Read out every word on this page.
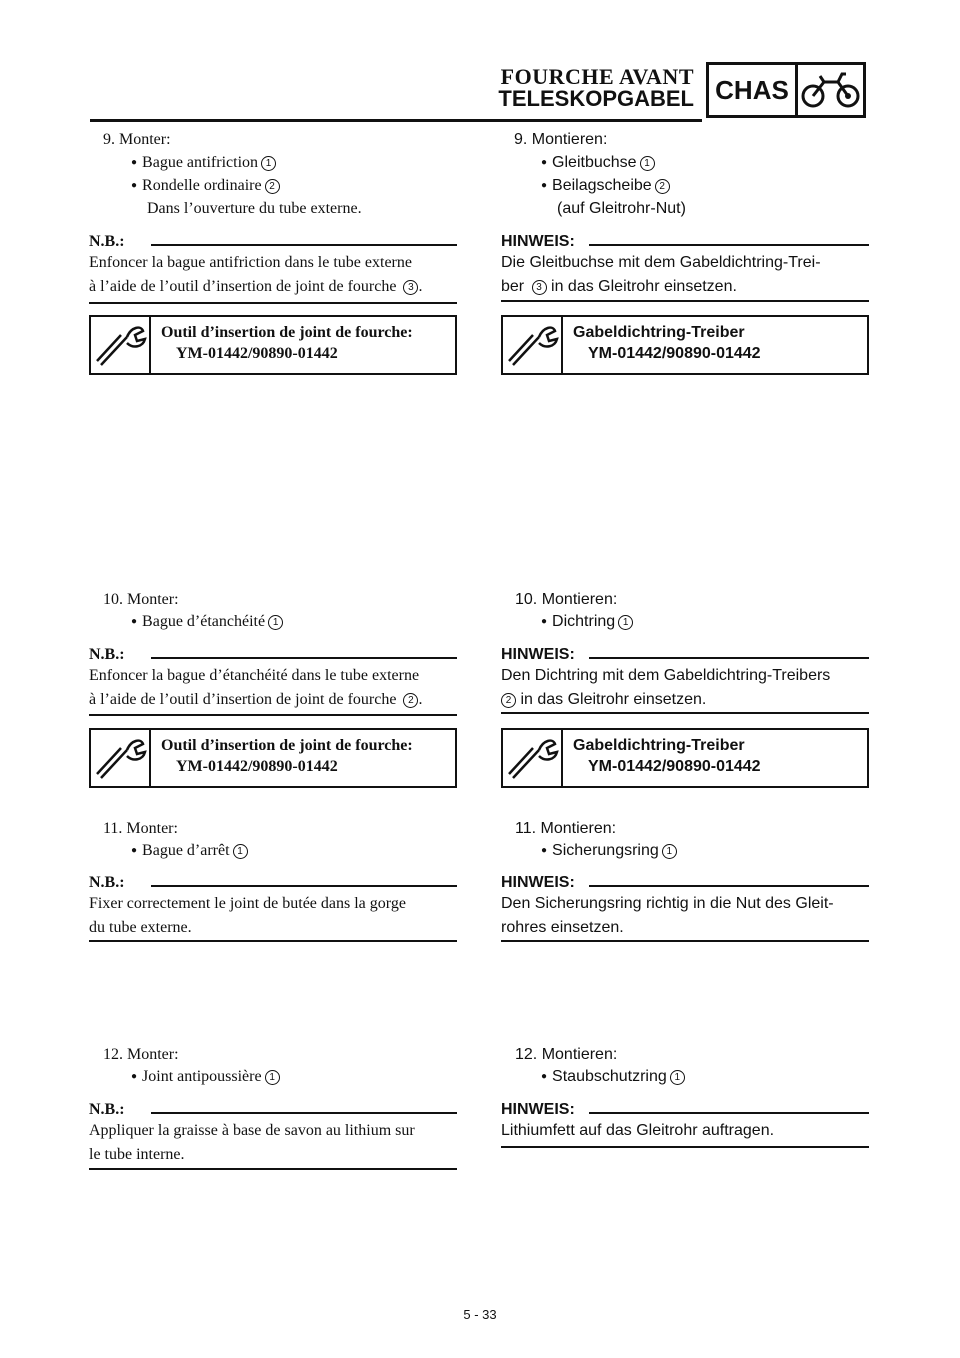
FOURCHE AVANT
TELESKOPGABEL CHAS
9. Monter:
● Bague antifriction 1
● Rondelle ordinaire 2
Dans l’ouverture du tube externe.
N.B.:
Enfoncer la bague antifriction dans le tube externe
à l’aide de l’outil d’insertion de joint de fourche 3 .
Outil d’insertion de joint de fourche:
YM-01442/90890-01442
10. Monter:
● Bague d’étanchéité 1
N.B.:
Enfoncer la bague d’étanchéité dans le tube externe
à l’aide de l’outil d’insertion de joint de fourche 2 .
Outil d’insertion de joint de fourche:
YM-01442/90890-01442
11. Monter:
● Bague d’arrêt 1
N.B.:
Fixer correctement le joint de butée dans la gorge
du tube externe.
12. Monter:
● Joint antipoussière 1
N.B.:
Appliquer la graisse à base de savon au lithium sur
le tube interne.
9. Montieren:
● Gleitbuchse 1
● Beilagscheibe 2
(auf Gleitrohr-Nut)
HINWEIS:
Die Gleitbuchse mit dem Gabeldichtring-Trei-
ber 3 in das Gleitrohr einsetzen.
Gabeldichtring-Treiber
YM-01442/90890-01442
10. Montieren:
● Dichtring 1
HINWEIS:
Den Dichtring mit dem Gabeldichtring-Treibers
2 in das Gleitrohr einsetzen.
Gabeldichtring-Treiber
YM-01442/90890-01442
11. Montieren:
● Sicherungsring 1
HINWEIS:
Den Sicherungsring richtig in die Nut des Gleit-
rohres einsetzen.
12. Montieren:
● Staubschutzring 1
HINWEIS:
Lithiumfett auf das Gleitrohr auftragen.
5 - 33
